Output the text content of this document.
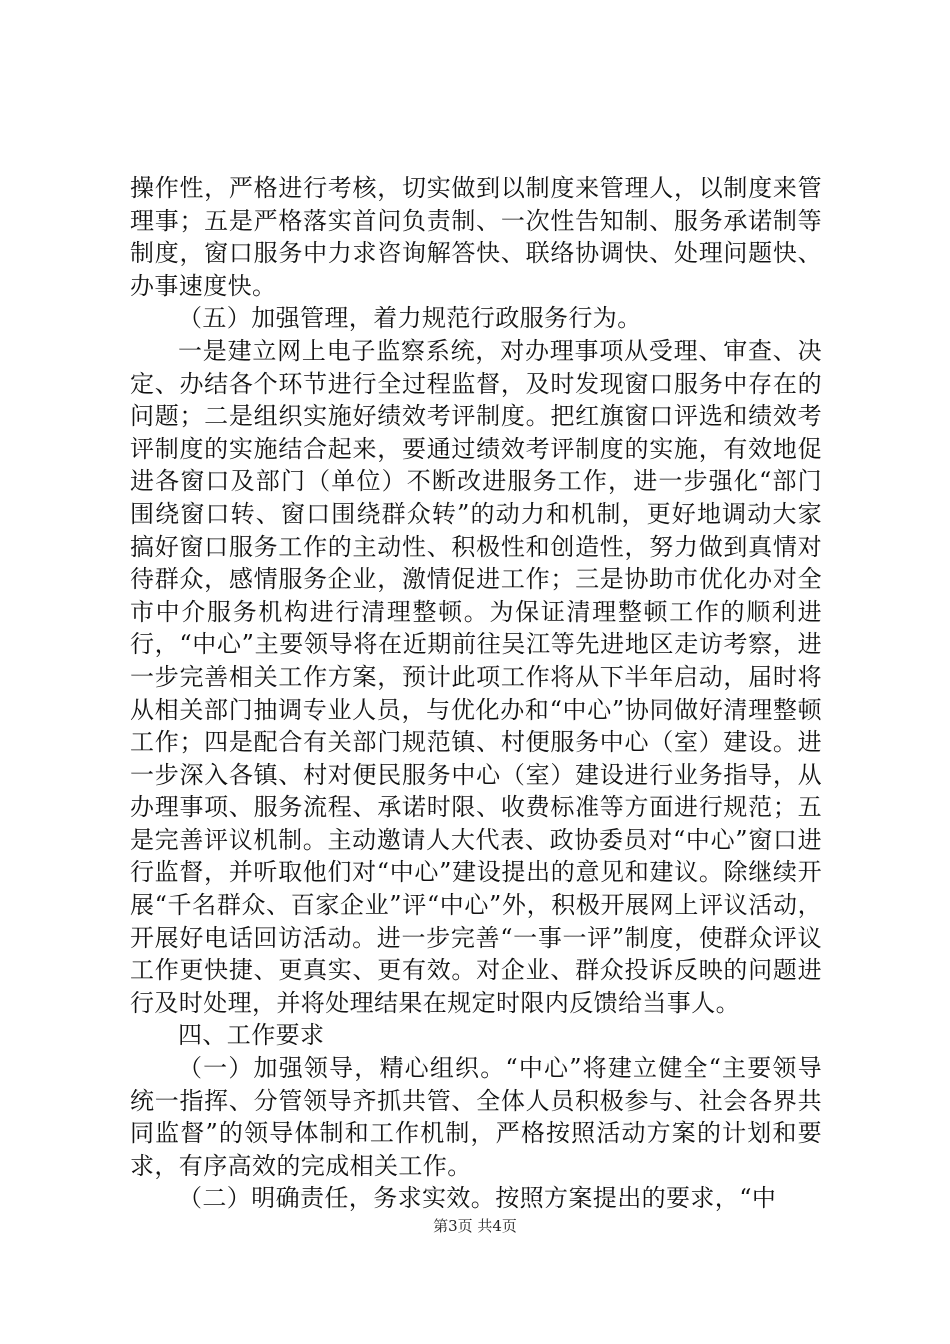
操作性，严格进行考核，切实做到以制度来管理人，以制度来管理事；五是严格落实首问负责制、一次性告知制、服务承诺制等制度，窗口服务中力求咨询解答快、联络协调快、处理问题快、办事速度快。

（五）加强管理，着力规范行政服务行为。

一是建立网上电子监察系统，对办理事项从受理、审查、决定、办结各个环节进行全过程监督，及时发现窗口服务中存在的问题；二是组织实施好绩效考评制度。把红旗窗口评选和绩效考评制度的实施结合起来，要通过绩效考评制度的实施，有效地促进各窗口及部门（单位）不断改进服务工作，进一步强化“部门围绕窗口转、窗口围绕群众转”的动力和机制，更好地调动大家搞好窗口服务工作的主动性、积极性和创造性，努力做到真情对待群众，感情服务企业，激情促进工作；三是协助市优化办对全市中介服务机构进行清理整顿。为保证清理整顿工作的顺利进行，“中心”主要领导将在近期前往吴江等先进地区走访考察，进一步完善相关工作方案，预计此项工作将从下半年启动，届时将从相关部门抽调专业人员，与优化办和“中心”协同做好清理整顿工作；四是配合有关部门规范镇、村便服务中心（室）建设。进一步深入各镇、村对便民服务中心（室）建设进行业务指导，从办理事项、服务流程、承诺时限、收费标准等方面进行规范；五是完善评议机制。主动邀请人大代表、政协委员对“中心”窗口进行监督，并听取他们对“中心”建设提出的意见和建议。除继续开展“千名群众、百家企业”评“中心”外，积极开展网上评议活动，开展好电话回访活动。进一步完善“一事一评”制度，使群众评议工作更快捷、更真实、更有效。对企业、群众投诉反映的问题进行及时处理，并将处理结果在规定时限内反馈给当事人。

四、工作要求

（一）加强领导，精心组织。“中心”将建立健全“主要领导统一指挥、分管领导齐抓共管、全体人员积极参与、社会各界共同监督”的领导体制和工作机制，严格按照活动方案的计划和要求，有序高效的完成相关工作。

（二）明确责任，务求实效。按照方案提出的要求，“中

第3页 共4页
